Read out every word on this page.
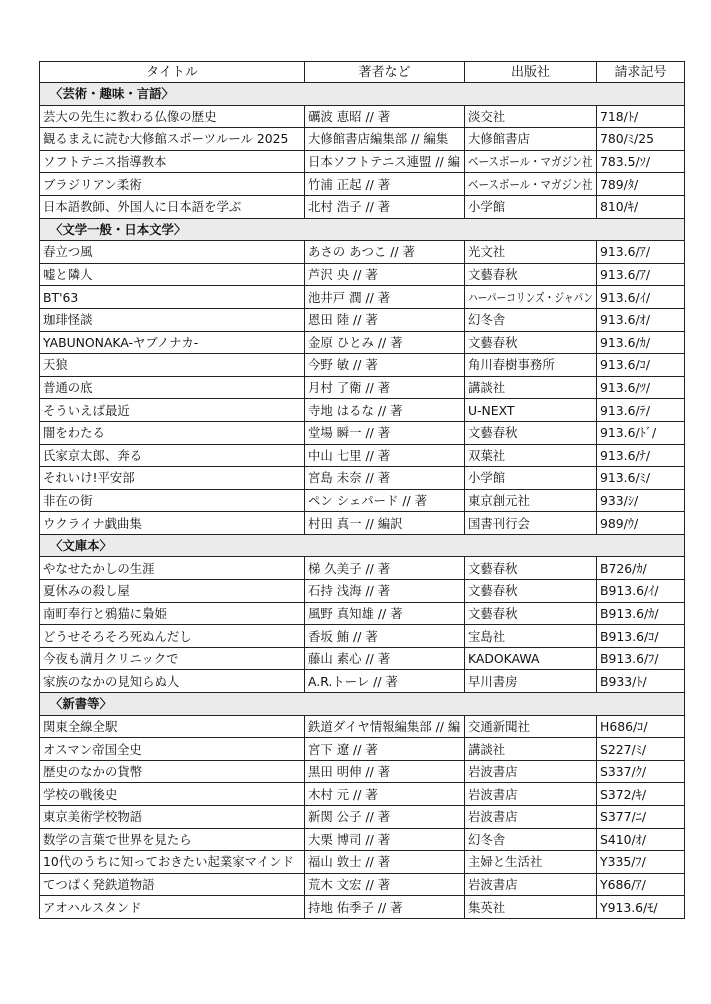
タイトル	著者など	出版社	請求記号
〈芸術・趣味・言語〉			
芸大の先生に教わる仏像の歴史	礪波 恵昭 // 著	淡交社	718/ﾄ/
観るまえに読む大修館スポーツルール 2025	大修館書店編集部 // 編集	大修館書店	780/ﾐ/25
ソフトテニス指導教本	日本ソフトテニス連盟 // 編	ベースボール・マガジン社	783.5/ｿ/
ブラジリアン柔術	竹浦 正起 // 著	ベースボール・マガジン社	789/ﾀ/
日本語教師、外国人に日本語を学ぶ	北村 浩子 // 著	小学館	810/ｷ/
〈文学一般・日本文学〉			
春立つ風	あさの あつこ // 著	光文社	913.6/ｱ/
嘘と隣人	芦沢 央 // 著	文藝春秋	913.6/ｱ/
BT'63	池井戸 潤 // 著	ハーパーコリンズ・ジャパン	913.6/ｲ/
珈琲怪談	恩田 陸 // 著	幻冬舎	913.6/ｵ/
YABUNONAKA-ヤブノナカ-	金原 ひとみ // 著	文藝春秋	913.6/ｶ/
天狼	今野 敏 // 著	角川春樹事務所	913.6/ｺ/
普通の底	月村 了衛 // 著	講談社	913.6/ﾂ/
そういえば最近	寺地 はるな // 著	U-NEXT	913.6/ﾃ/
闇をわたる	堂場 瞬一 // 著	文藝春秋	913.6/ﾄﾞ/
氏家京太郎、奔る	中山 七里 // 著	双葉社	913.6/ﾅ/
それいけ!平安部	宮島 未奈 // 著	小学館	913.6/ﾐ/
非在の街	ペン シェパード // 著	東京創元社	933/ｼ/
ウクライナ戯曲集	村田 真一 // 編訳	国書刊行会	989/ｳ/
〈文庫本〉			
やなせたかしの生涯	梯 久美子 // 著	文藝春秋	B726/ｶ/
夏休みの殺し屋	石持 浅海 // 著	文藝春秋	B913.6/ｲ/
南町奉行と鴉猫に梟姫	風野 真知雄 // 著	文藝春秋	B913.6/ｶ/
どうせそろそろ死ぬんだし	香坂 鮪 // 著	宝島社	B913.6/ｺ/
今夜も満月クリニックで	藤山 素心 // 著	KADOKAWA	B913.6/ﾌ/
家族のなかの見知らぬ人	A.R.トーレ // 著	早川書房	B933/ﾄ/
〈新書等〉			
関東全線全駅	鉄道ダイヤ情報編集部 // 編	交通新聞社	H686/ｺ/
オスマン帝国全史	宮下 遼 // 著	講談社	S227/ﾐ/
歴史のなかの貨幣	黒田 明伸 // 著	岩波書店	S337/ｸ/
学校の戦後史	木村 元 // 著	岩波書店	S372/ｷ/
東京美術学校物語	新関 公子 // 著	岩波書店	S377/ﾆ/
数学の言葉で世界を見たら	大栗 博司 // 著	幻冬舎	S410/ｵ/
10代のうちに知っておきたい起業家マインド	福山 敦士 // 著	主婦と生活社	Y335/ﾌ/
てつぱく発鉄道物語	荒木 文宏 // 著	岩波書店	Y686/ｱ/
アオハルスタンド	持地 佑季子 // 著	集英社	Y913.6/ﾓ/
